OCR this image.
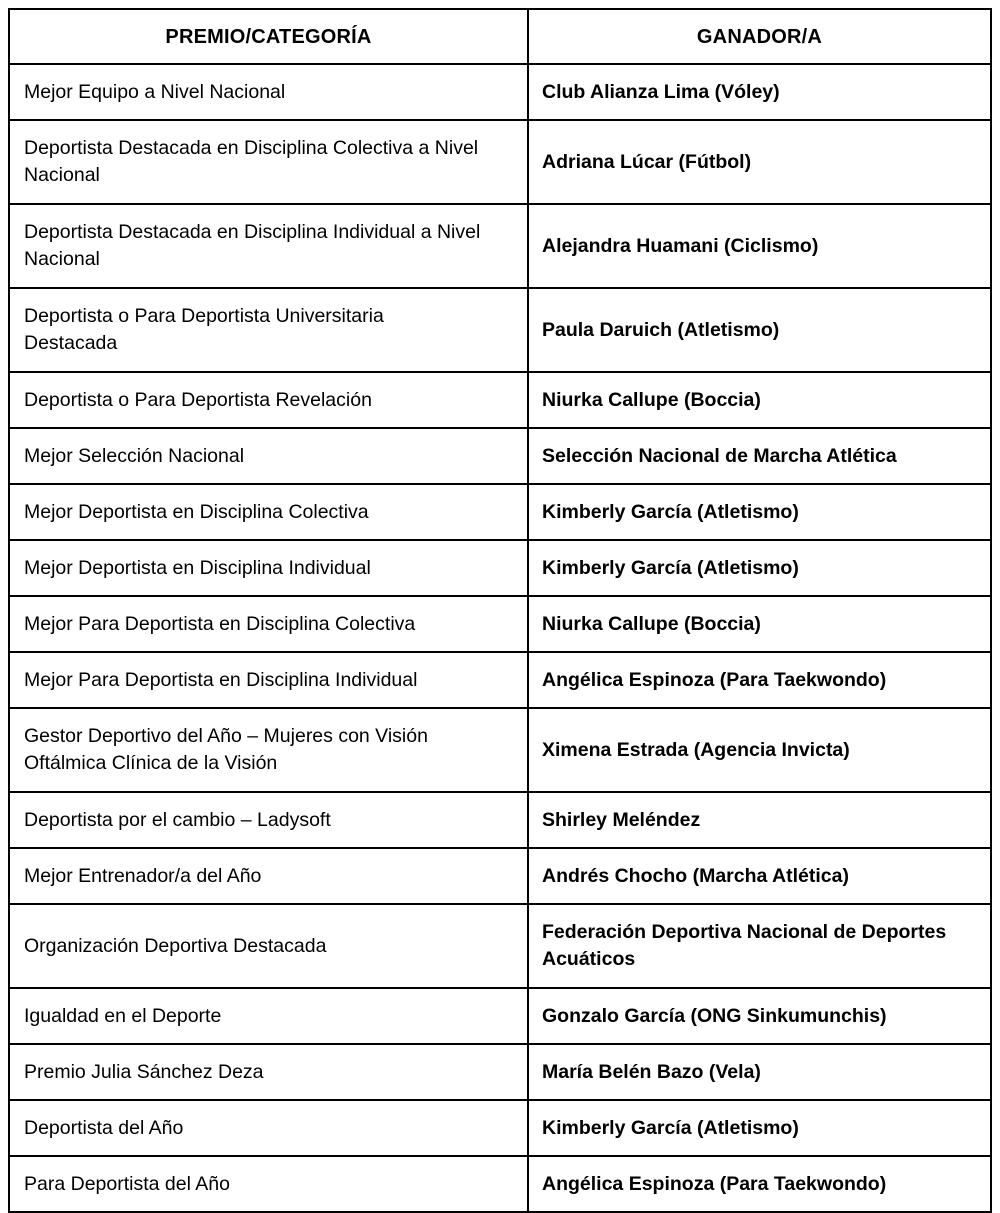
PREMIO/CATEGORÍA	GANADOR/A

Mejor Equipo a Nivel Nacional	Club Alianza Lima (Vóley)

Deportista Destacada en Disciplina Colectiva a Nivel
Nacional	Adriana Lúcar (Fútbol)

Deportista Destacada en Disciplina Individual a Nivel
Nacional	Alejandra Huamani (Ciclismo)

Deportista o Para Deportista Universitaria
Destacada	Paula Daruich (Atletismo)

Deportista o Para Deportista Revelación	Niurka Callupe (Boccia)

Mejor Selección Nacional	Selección Nacional de Marcha Atlética

Mejor Deportista en Disciplina Colectiva	Kimberly García (Atletismo)

Mejor Deportista en Disciplina Individual	Kimberly García (Atletismo)

Mejor Para Deportista en Disciplina Colectiva	Niurka Callupe (Boccia)

Mejor Para Deportista en Disciplina Individual	Angélica Espinoza (Para Taekwondo)

Gestor Deportivo del Año – Mujeres con Visión
Oftálmica Clínica de la Visión	Ximena Estrada (Agencia Invicta)

Deportista por el cambio – Ladysoft	Shirley Meléndez

Mejor Entrenador/a del Año	Andrés Chocho (Marcha Atlética)

Organización Deportiva Destacada	Federación Deportiva Nacional de Deportes
Acuáticos

Igualdad en el Deporte	Gonzalo García (ONG Sinkumunchis)

Premio Julia Sánchez Deza	María Belén Bazo (Vela)

Deportista del Año	Kimberly García (Atletismo)

Para Deportista del Año	Angélica Espinoza (Para Taekwondo)
